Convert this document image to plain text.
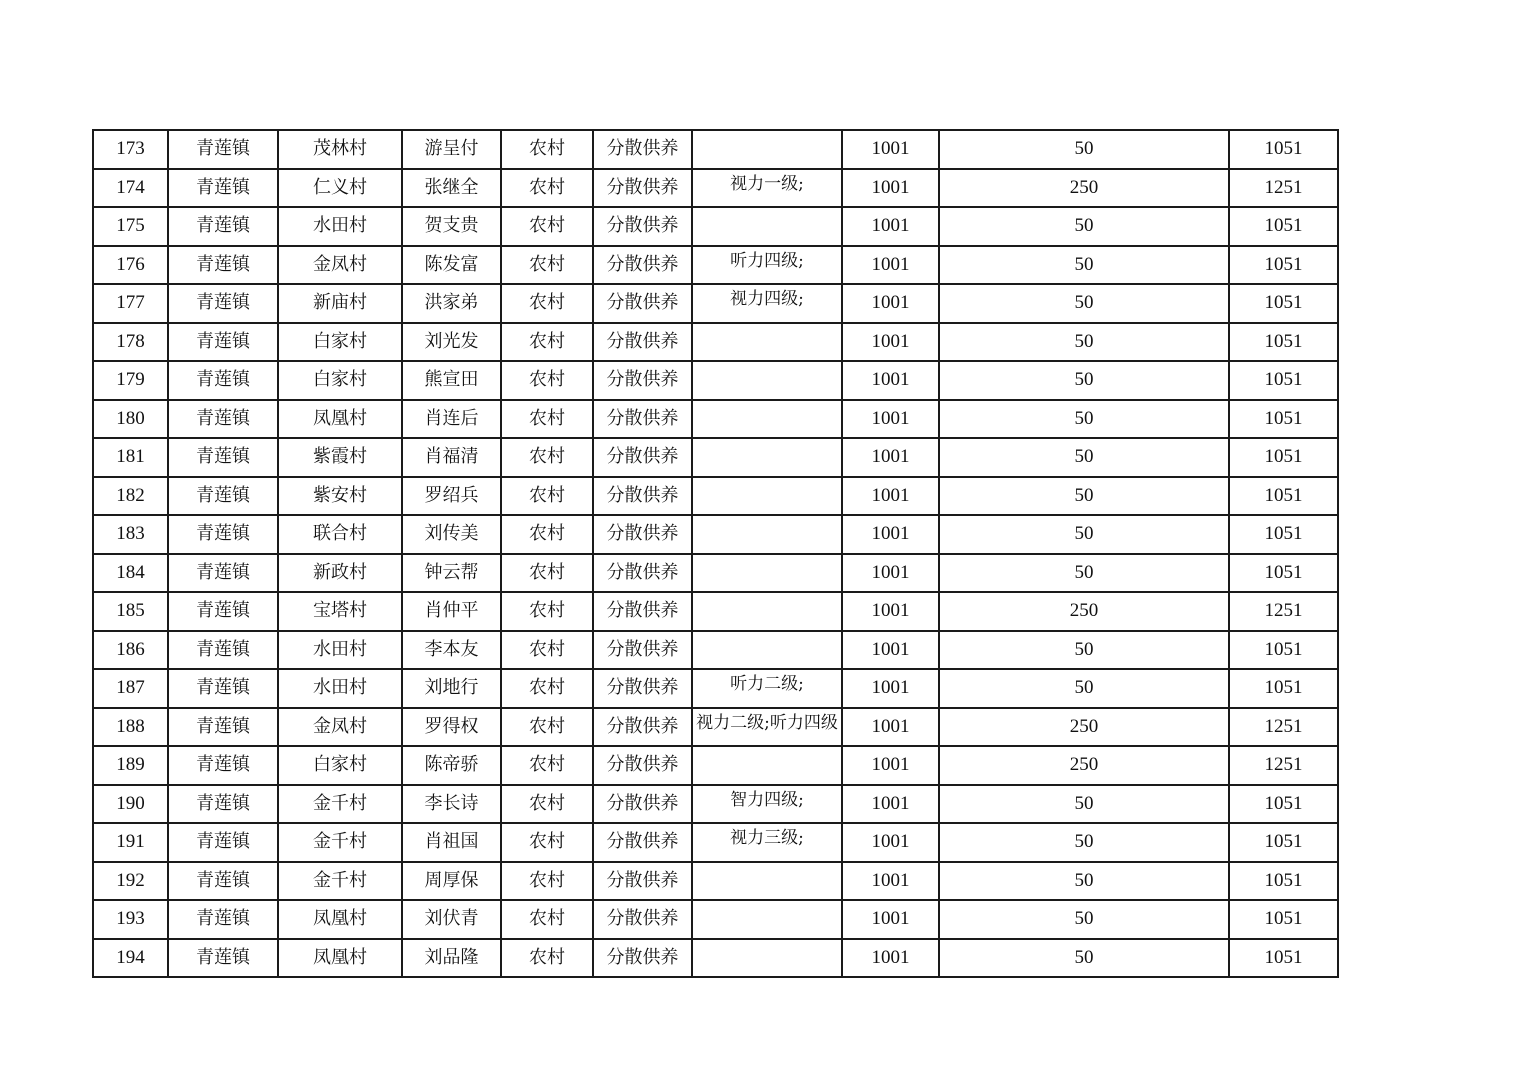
173	青莲镇	茂林村	游呈付	农村	分散供养		1001	50	1051
174	青莲镇	仁义村	张继全	农村	分散供养	视力一级;	1001	250	1251
175	青莲镇	水田村	贺支贵	农村	分散供养		1001	50	1051
176	青莲镇	金凤村	陈发富	农村	分散供养	听力四级;	1001	50	1051
177	青莲镇	新庙村	洪家弟	农村	分散供养	视力四级;	1001	50	1051
178	青莲镇	白家村	刘光发	农村	分散供养		1001	50	1051
179	青莲镇	白家村	熊宣田	农村	分散供养		1001	50	1051
180	青莲镇	凤凰村	肖连后	农村	分散供养		1001	50	1051
181	青莲镇	紫霞村	肖福清	农村	分散供养		1001	50	1051
182	青莲镇	紫安村	罗绍兵	农村	分散供养		1001	50	1051
183	青莲镇	联合村	刘传美	农村	分散供养		1001	50	1051
184	青莲镇	新政村	钟云帮	农村	分散供养		1001	50	1051
185	青莲镇	宝塔村	肖仲平	农村	分散供养		1001	250	1251
186	青莲镇	水田村	李本友	农村	分散供养		1001	50	1051
187	青莲镇	水田村	刘地行	农村	分散供养	听力二级;	1001	50	1051
188	青莲镇	金凤村	罗得权	农村	分散供养	视力二级;听力四级	1001	250	1251
189	青莲镇	白家村	陈帝骄	农村	分散供养		1001	250	1251
190	青莲镇	金千村	李长诗	农村	分散供养	智力四级;	1001	50	1051
191	青莲镇	金千村	肖祖国	农村	分散供养	视力三级;	1001	50	1051
192	青莲镇	金千村	周厚保	农村	分散供养		1001	50	1051
193	青莲镇	凤凰村	刘伏青	农村	分散供养		1001	50	1051
194	青莲镇	凤凰村	刘品隆	农村	分散供养		1001	50	1051
